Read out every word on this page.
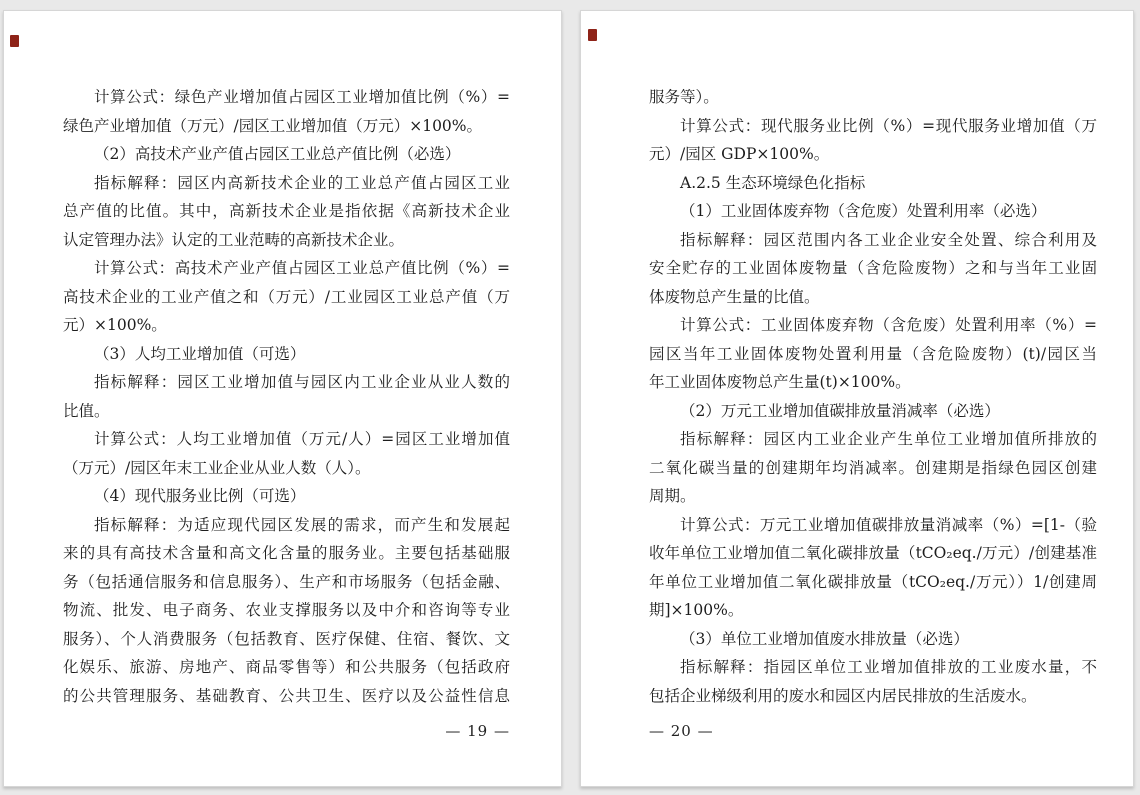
计算公式：绿色产业增加值占园区工业增加值比例（%）=
绿色产业增加值（万元）/园区工业增加值（万元）×100%。
（2）高技术产业产值占园区工业总产值比例（必选）
指标解释：园区内高新技术企业的工业总产值占园区工业
总产值的比值。其中，高新技术企业是指依据《高新技术企业
认定管理办法》认定的工业范畴的高新技术企业。
计算公式：高技术产业产值占园区工业总产值比例（%）=
高技术企业的工业产值之和（万元）/工业园区工业总产值（万
元）×100%。
（3）人均工业增加值（可选）
指标解释：园区工业增加值与园区内工业企业从业人数的
比值。
计算公式：人均工业增加值（万元/人）=园区工业增加值
（万元）/园区年末工业企业从业人数（人）。
（4）现代服务业比例（可选）
指标解释：为适应现代园区发展的需求，而产生和发展起
来的具有高技术含量和高文化含量的服务业。主要包括基础服
务（包括通信服务和信息服务）、生产和市场服务（包括金融、
物流、批发、电子商务、农业支撑服务以及中介和咨询等专业
服务）、个人消费服务（包括教育、医疗保健、住宿、餐饮、文
化娱乐、旅游、房地产、商品零售等）和公共服务（包括政府
的公共管理服务、基础教育、公共卫生、医疗以及公益性信息
— 19 —
服务等）。
计算公式：现代服务业比例（%）=现代服务业增加值（万
元）/园区 GDP×100%。
A.2.5 生态环境绿色化指标
（1）工业固体废弃物（含危废）处置利用率（必选）
指标解释：园区范围内各工业企业安全处置、综合利用及
安全贮存的工业固体废物量（含危险废物）之和与当年工业固
体废物总产生量的比值。
计算公式：工业固体废弃物（含危废）处置利用率（%）=
园区当年工业固体废物处置利用量（含危险废物）(t)/园区当
年工业固体废物总产生量(t)×100%。
（2）万元工业增加值碳排放量消减率（必选）
指标解释：园区内工业企业产生单位工业增加值所排放的
二氧化碳当量的创建期年均消减率。创建期是指绿色园区创建
周期。
计算公式：万元工业增加值碳排放量消减率（%）=[1-（验
收年单位工业增加值二氧化碳排放量（tCO₂eq./万元）/创建基准
年单位工业增加值二氧化碳排放量（tCO₂eq./万元））1/创建周
期]×100%。
（3）单位工业增加值废水排放量（必选）
指标解释：指园区单位工业增加值排放的工业废水量，不
包括企业梯级利用的废水和园区内居民排放的生活废水。
— 20 —
